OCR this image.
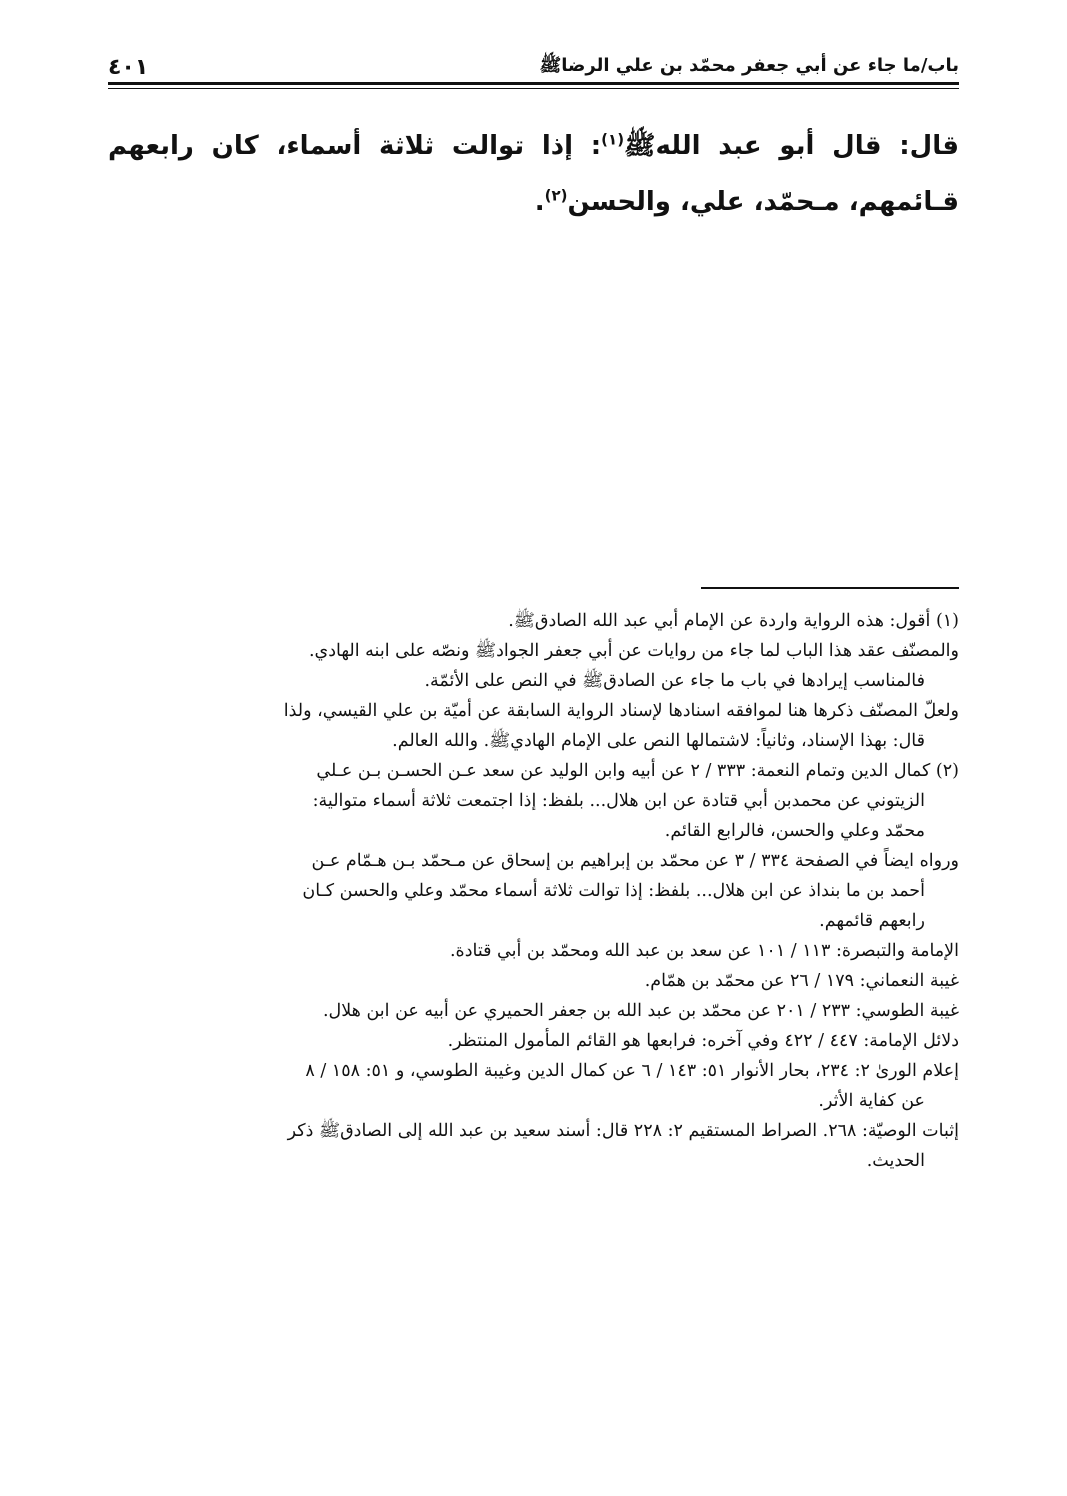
باب/ما جاء عن أبي جعفر محمّد بن علي الرضاﷺ
٤٠١
قال: قال أبو عبد اللهﷺ$^{(١)}$: إذا توالت ثلاثة أسماء، كان رابعهم قـائمهم، مـحمّد، علي، والحسن$^{(٢)}$.

(١) أقول: هذه الرواية واردة عن الإمام أبي عبد الله الصادقﷺ.

والمصنّف عقد هذا الباب لما جاء من روايات عن أبي جعفر الجوادﷺ ونصّه على ابنه الهادي.

فالمناسب إيرادها في باب ما جاء عن الصادقﷺ في النص على الأئمّة.

ولعلّ المصنّف ذكرها هنا لموافقه اسنادها لإسناد الرواية السابقة عن أميّة بن علي القيسي، ولذا

قال: بهذا الإسناد، وثانياً: لاشتمالها النص على الإمام الهاديﷺ. والله العالم.

(٢) كمال الدين وتمام النعمة: ٣٣٣ / ٢ عن أبيه وابن الوليد عن سعد عـن الحسـن بـن عـلي

الزيتوني عن محمدبن أبي قتادة عن ابن هلال... بلفظ: إذا اجتمعت ثلاثة أسماء متوالية:

محمّد وعلي والحسن، فالرابع القائم.

ورواه ايضاً في الصفحة ٣٣٤ / ٣ عن محمّد بن إبراهيم بن إسحاق عن مـحمّد بـن هـمّام عـن

أحمد بن ما بنداذ عن ابن هلال... بلفظ: إذا توالت ثلاثة أسماء محمّد وعلي والحسن كـان

رابعهم قائمهم.

الإمامة والتبصرة: ١١٣ / ١٠١ عن سعد بن عبد الله ومحمّد بن أبي قتادة.

غيبة النعماني: ١٧٩ / ٢٦ عن محمّد بن همّام.

غيبة الطوسي: ٢٣٣ / ٢٠١ عن محمّد بن عبد الله بن جعفر الحميري عن أبيه عن ابن هلال.

دلائل الإمامة: ٤٤٧ / ٤٢٢ وفي آخره: فرابعها هو القائم المأمول المنتظر.

إعلام الورىٰ ٢: ٢٣٤، بحار الأنوار ٥١: ١٤٣ / ٦ عن كمال الدين وغيبة الطوسي، و ٥١: ١٥٨ / ٨

عن كفاية الأثر.

إثبات الوصيّة: ٢٦٨. الصراط المستقيم ٢: ٢٢٨ قال: أسند سعيد بن عبد الله إلى الصادقﷺ ذكر

الحديث.
